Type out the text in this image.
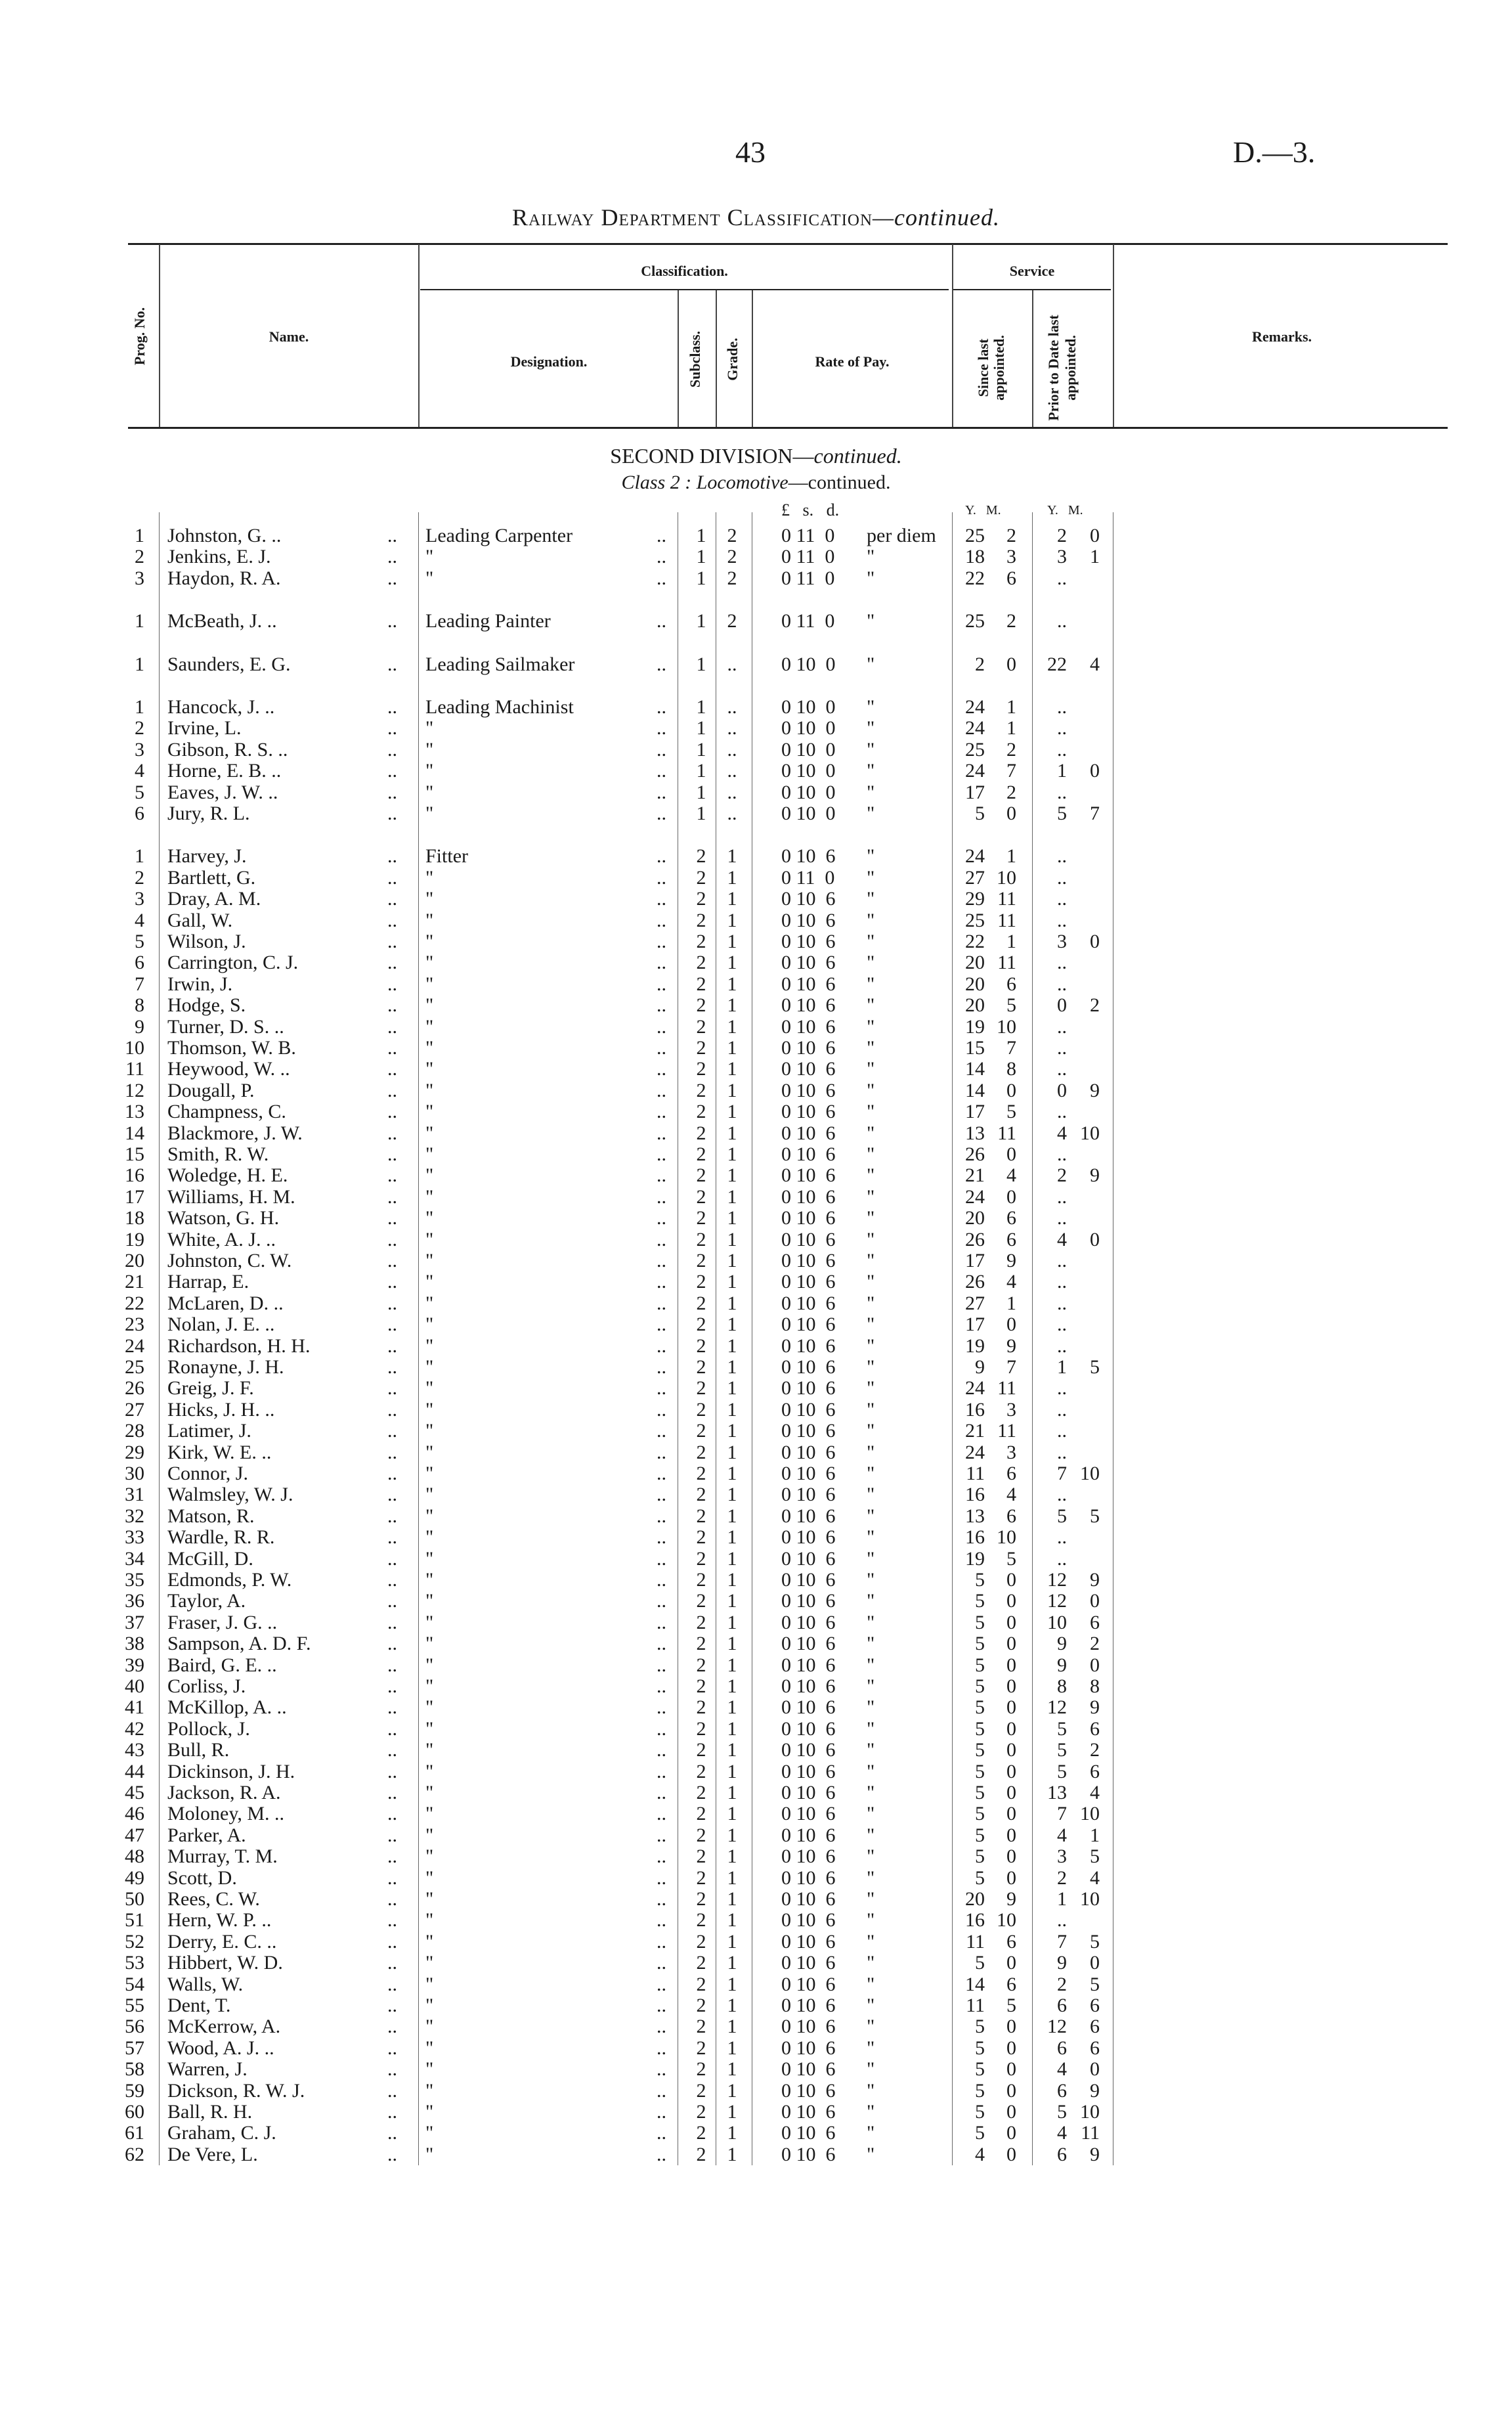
43	D.—3.
Railway Department Classification—continued.
Prog. No.	Name.
Classification.
Designation.	Subclass. Grade.	Rate of Pay.
Service
Since last appointed.	Prior to Date last appointed.	Remarks.
SECOND DIVISION—continued.
Class 2 : Locomotive—continued.
£   s.   d.	Y.   M.	Y.   M.
1 Johnston, G. ..	.. Leading Carpenter	..	1	2	0 11  0 per diem	25	2	2	0
2 Jenkins, E. J.	.. "	..	1	2	0 11  0 "	18	3	3	1
3 Haydon, R. A.	.. "	..	1	2	0 11  0 "	22	6	..
1 McBeath, J. ..	.. Leading Painter	..	1	2	0 11  0 "	25	2	..
1 Saunders, E. G.	.. Leading Sailmaker	..	1	..	0 10  0 "	2	0	22	4
1 Hancock, J. ..	.. Leading Machinist	..	1	..	0 10  0 "	24	1	..
2 Irvine, L.	.. "	..	1	..	0 10  0 "	24	1	..
3 Gibson, R. S. ..	.. "	..	1	..	0 10  0 "	25	2	..
4 Horne, E. B. ..	.. "	..	1	..	0 10  0 "	24	7	1	0
5 Eaves, J. W. ..	.. "	..	1	..	0 10  0 "	17	2	..
6 Jury, R. L.	.. "	..	1	..	0 10  0 "	5	0	5	7
1 Harvey, J.	.. Fitter	..	2	1	0 10  6 "	24	1	..
2 Bartlett, G.	.. "	..	2	1	0 11  0 "	27 10	..
3 Dray, A. M.	.. "	..	2	1	0 10  6 "	29 11	..
4 Gall, W.	.. "	..	2	1	0 10  6 "	25 11	..
5 Wilson, J.	.. "	..	2	1	0 10  6 "	22	1	3	0
6 Carrington, C. J.	.. "	..	2	1	0 10  6 "	20 11	..
7 Irwin, J.	.. "	..	2	1	0 10  6 "	20	6	..
8 Hodge, S.	.. "	..	2	1	0 10  6 "	20	5	0	2
9 Turner, D. S. ..	.. "	..	2	1	0 10  6 "	19 10	..
10 Thomson, W. B.	.. "	..	2	1	0 10  6 "	15	7	..
11 Heywood, W. ..	.. "	..	2	1	0 10  6 "	14	8	..
12 Dougall, P.	.. "	..	2	1	0 10  6 "	14	0	0	9
13 Champness, C.	.. "	..	2	1	0 10  6 "	17	5	..
14 Blackmore, J. W.	.. "	..	2	1	0 10  6 "	13 11	4 10
15 Smith, R. W.	.. "	..	2	1	0 10  6 "	26	0	..
16 Woledge, H. E.	.. "	..	2	1	0 10  6 "	21	4	2	9
17 Williams, H. M.	.. "	..	2	1	0 10  6 "	24	0	..
18 Watson, G. H.	.. "	..	2	1	0 10  6 "	20	6	..
19 White, A. J. ..	.. "	..	2	1	0 10  6 "	26	6	4	0
20 Johnston, C. W.	.. "	..	2	1	0 10  6 "	17	9	..
21 Harrap, E.	.. "	..	2	1	0 10  6 "	26	4	..
22 McLaren, D. ..	.. "	..	2	1	0 10  6 "	27	1	..
23 Nolan, J. E. ..	.. "	..	2	1	0 10  6 "	17	0	..
24 Richardson, H. H.	.. "	..	2	1	0 10  6 "	19	9	..
25 Ronayne, J. H.	.. "	..	2	1	0 10  6 "	9	7	1	5
26 Greig, J. F.	.. "	..	2	1	0 10  6 "	24 11	..
27 Hicks, J. H. ..	.. "	..	2	1	0 10  6 "	16	3	..
28 Latimer, J.	.. "	..	2	1	0 10  6 "	21 11	..
29 Kirk, W. E. ..	.. "	..	2	1	0 10  6 "	24	3	..
30 Connor, J.	.. "	..	2	1	0 10  6 "	11	6	7 10
31 Walmsley, W. J.	.. "	..	2	1	0 10  6 "	16	4	..
32 Matson, R.	.. "	..	2	1	0 10  6 "	13	6	5	5
33 Wardle, R. R.	.. "	..	2	1	0 10  6 "	16 10	..
34 McGill, D.	.. "	..	2	1	0 10  6 "	19	5	..
35 Edmonds, P. W.	.. "	..	2	1	0 10  6 "	5	0	12	9
36 Taylor, A.	.. "	..	2	1	0 10  6 "	5	0	12	0
37 Fraser, J. G. ..	.. "	..	2	1	0 10  6 "	5	0	10	6
38 Sampson, A. D. F.	.. "	..	2	1	0 10  6 "	5	0	9	2
39 Baird, G. E. ..	.. "	..	2	1	0 10  6 "	5	0	9	0
40 Corliss, J.	.. "	..	2	1	0 10  6 "	5	0	8	8
41 McKillop, A. ..	.. "	..	2	1	0 10  6 "	5	0	12	9
42 Pollock, J.	.. "	..	2	1	0 10  6 "	5	0	5	6
43 Bull, R.	.. "	..	2	1	0 10  6 "	5	0	5	2
44 Dickinson, J. H.	.. "	..	2	1	0 10  6 "	5	0	5	6
45 Jackson, R. A.	.. "	..	2	1	0 10  6 "	5	0	13	4
46 Moloney, M. ..	.. "	..	2	1	0 10  6 "	5	0	7 10
47 Parker, A.	.. "	..	2	1	0 10  6 "	5	0	4	1
48 Murray, T. M.	.. "	..	2	1	0 10  6 "	5	0	3	5
49 Scott, D.	.. "	..	2	1	0 10  6 "	5	0	2	4
50 Rees, C. W.	.. "	..	2	1	0 10  6 "	20	9	1 10
51 Hern, W. P. ..	.. "	..	2	1	0 10  6 "	16 10	..
52 Derry, E. C. ..	.. "	..	2	1	0 10  6 "	11	6	7	5
53 Hibbert, W. D.	.. "	..	2	1	0 10  6 "	5	0	9	0
54 Walls, W.	.. "	..	2	1	0 10  6 "	14	6	2	5
55 Dent, T.	.. "	..	2	1	0 10  6 "	11	5	6	6
56 McKerrow, A.	.. "	..	2	1	0 10  6 "	5	0	12	6
57 Wood, A. J. ..	.. "	..	2	1	0 10  6 "	5	0	6	6
58 Warren, J.	.. "	..	2	1	0 10  6 "	5	0	4	0
59 Dickson, R. W. J.	.. "	..	2	1	0 10  6 "	5	0	6	9
60 Ball, R. H.	.. "	..	2	1	0 10  6 "	5	0	5 10
61 Graham, C. J.	.. "	..	2	1	0 10  6 "	5	0	4 11
62 De Vere, L.	.. "	..	2	1	0 10  6 "	4	0	6	9
